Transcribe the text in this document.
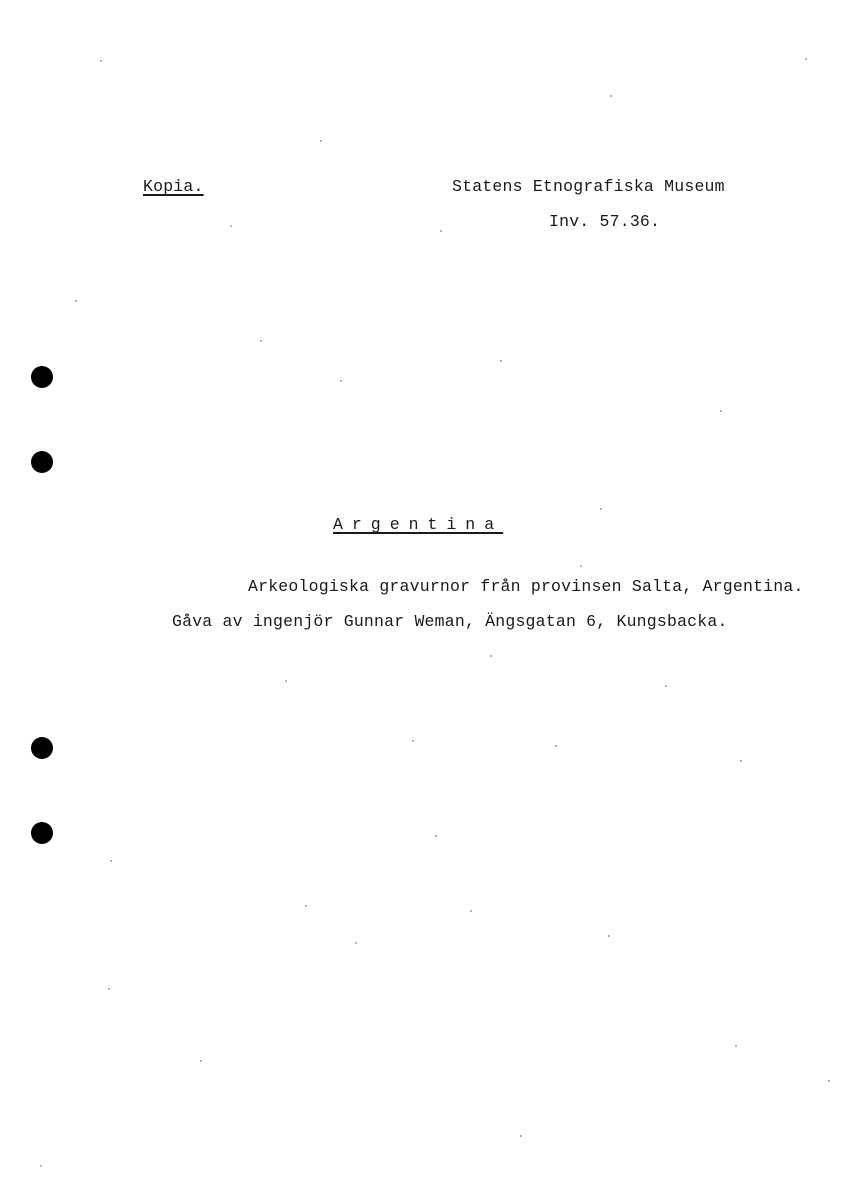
Kopia.	Statens Etnografiska Museum
Inv. 57.36.
Argentina
Arkeologiska gravurnor från provinsen Salta, Argentina.
Gåva av ingenjör Gunnar Weman, Ängsgatan 6, Kungsbacka.
